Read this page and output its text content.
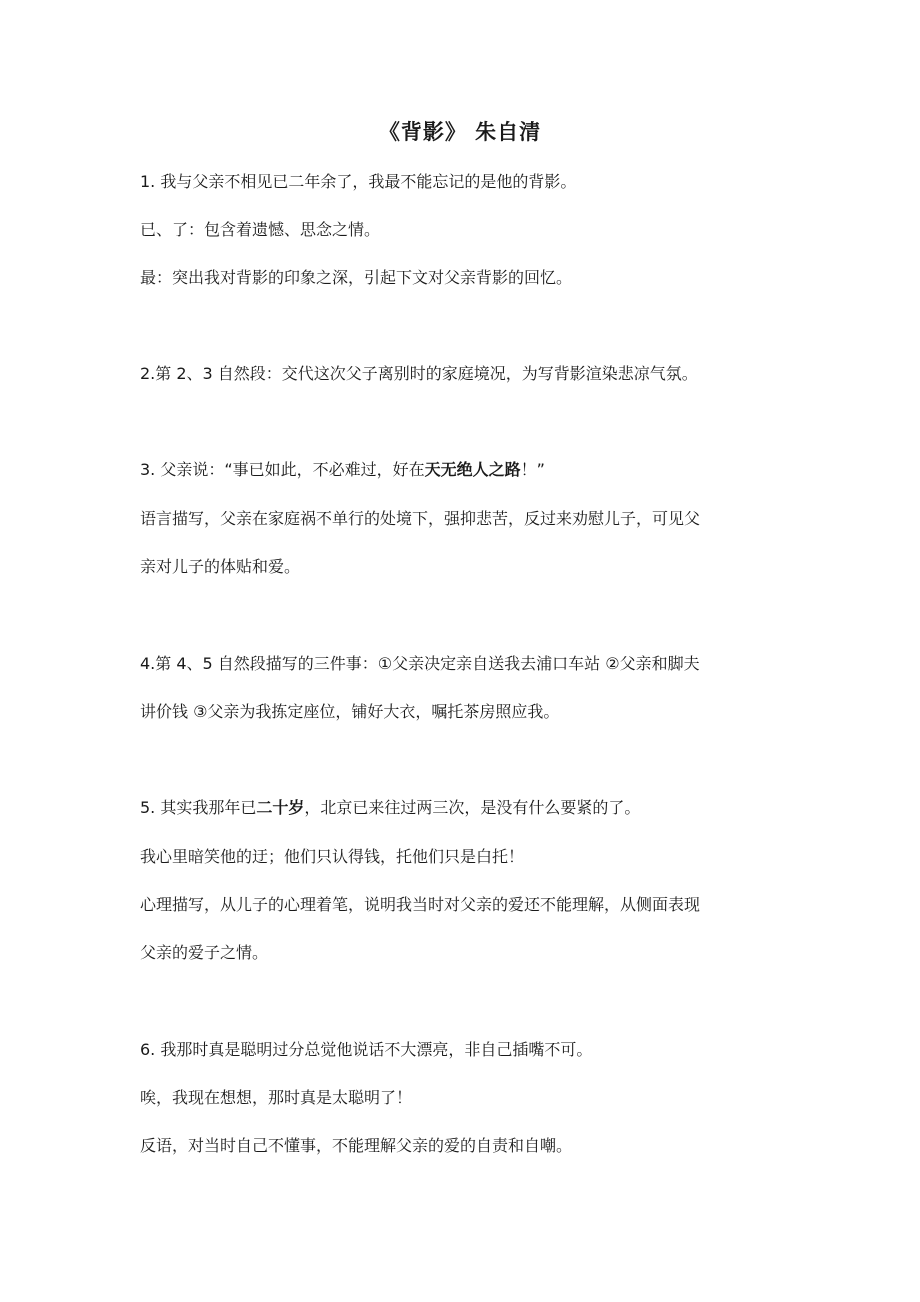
《背影》 朱自清
1. 我与父亲不相见已二年余了，我最不能忘记的是他的背影。
已、了：包含着遗憾、思念之情。
最：突出我对背影的印象之深，引起下文对父亲背影的回忆。
2.第 2、3 自然段：交代这次父子离别时的家庭境况，为写背影渲染悲凉气氛。
3. 父亲说：“事已如此，不必难过，好在天无绝人之路！”
语言描写，父亲在家庭祸不单行的处境下，强抑悲苦，反过来劝慰儿子，可见父
亲对儿子的体贴和爱。
4.第 4、5 自然段描写的三件事：①父亲决定亲自送我去浦口车站 ②父亲和脚夫
讲价钱 ③父亲为我拣定座位，铺好大衣，嘱托茶房照应我。
5. 其实我那年已二十岁，北京已来往过两三次，是没有什么要紧的了。
我心里暗笑他的迂；他们只认得钱，托他们只是白托！
心理描写，从儿子的心理着笔，说明我当时对父亲的爱还不能理解，从侧面表现
父亲的爱子之情。
6. 我那时真是聪明过分总觉他说话不大漂亮，非自己插嘴不可。
唉，我现在想想，那时真是太聪明了！
反语，对当时自己不懂事，不能理解父亲的爱的自责和自嘲。
